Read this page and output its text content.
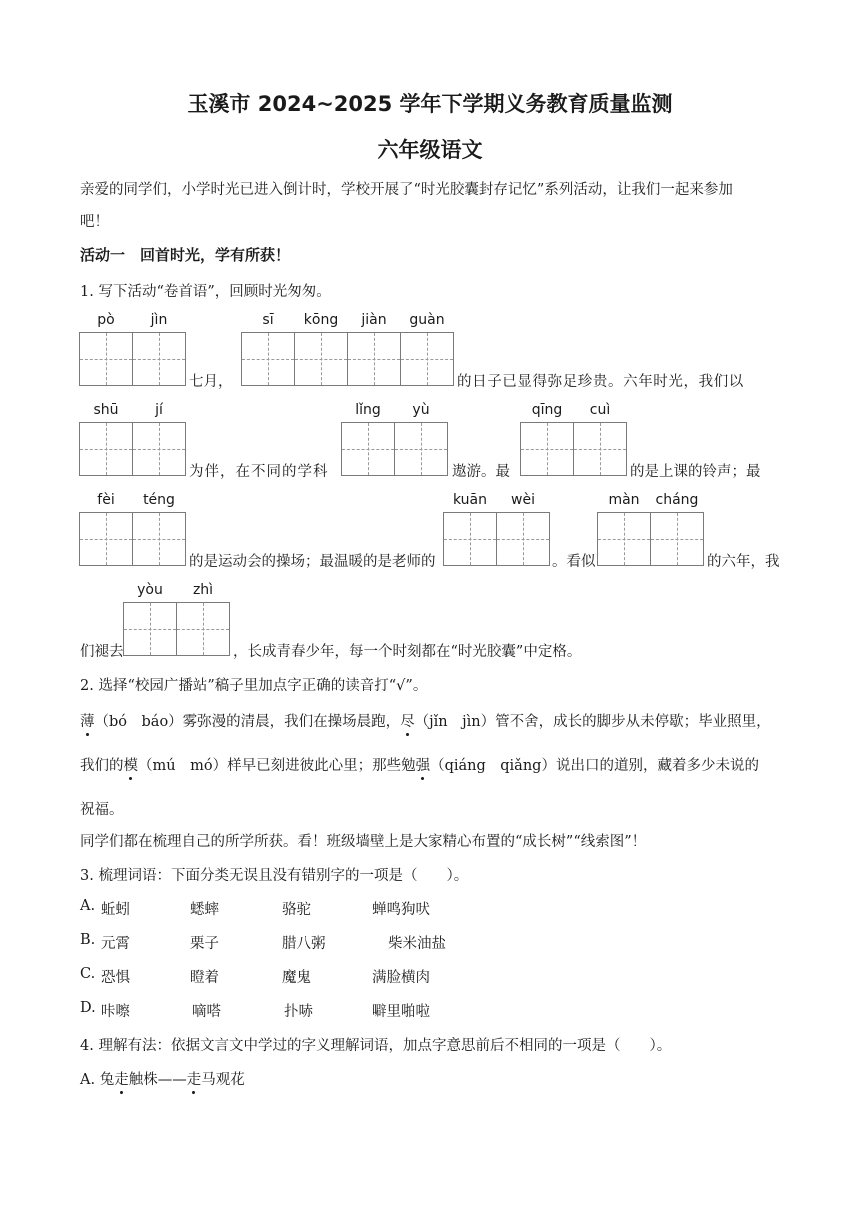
玉溪市 2024~2025 学年下学期义务教育质量监测
六年级语文
亲爱的同学们，小学时光已进入倒计时，学校开展了“时光胶囊封存记忆”系列活动，让我们一起来参加
吧！
活动一　回首时光，学有所获！
1. 写下活动“卷首语”，回顾时光匆匆。
pò	jìn
七月，
sī	kōng	jiàn	guàn
的日子已显得弥足珍贵。六年时光，我们以
shū	jí
为伴，在不同的学科
lǐng	yù
遨游。最
qīng	cuì
的是上课的铃声；最
fèi	téng
的是运动会的操场；最温暖的是老师的
kuān	wèi
。看似
màn	cháng
的六年，我
们褪去
yòu	zhì
，长成青春少年，每一个时刻都在“时光胶囊”中定格。
2. 选择“校园广播站”稿子里加点字正确的读音打“√”。
薄（bó　báo）雾弥漫的清晨，我们在操场晨跑，尽（jǐn　jìn）管不舍，成长的脚步从未停歇；毕业照里，
我们的模（mú　mó）样早已刻进彼此心里；那些勉强（qiáng　qiǎng）说出口的道别，藏着多少未说的
祝福。
同学们都在梳理自己的所学所获。看！班级墙壁上是大家精心布置的“成长树”“线索图”！
3. 梳理词语：下面分类无误且没有错别字的一项是（　　）。
A. 蚯蚓	蟋蟀	骆驼	蝉鸣狗吠
B. 元霄	栗子	腊八粥	柴米油盐
C. 恐惧	瞪着	魔鬼	满脸横肉
D. 咔嚓	嘀嗒	扑哧	噼里啪啦
4. 理解有法：依据文言文中学过的字义理解词语，加点字意思前后不相同的一项是（　　）。
A. 兔走触株——走马观花
